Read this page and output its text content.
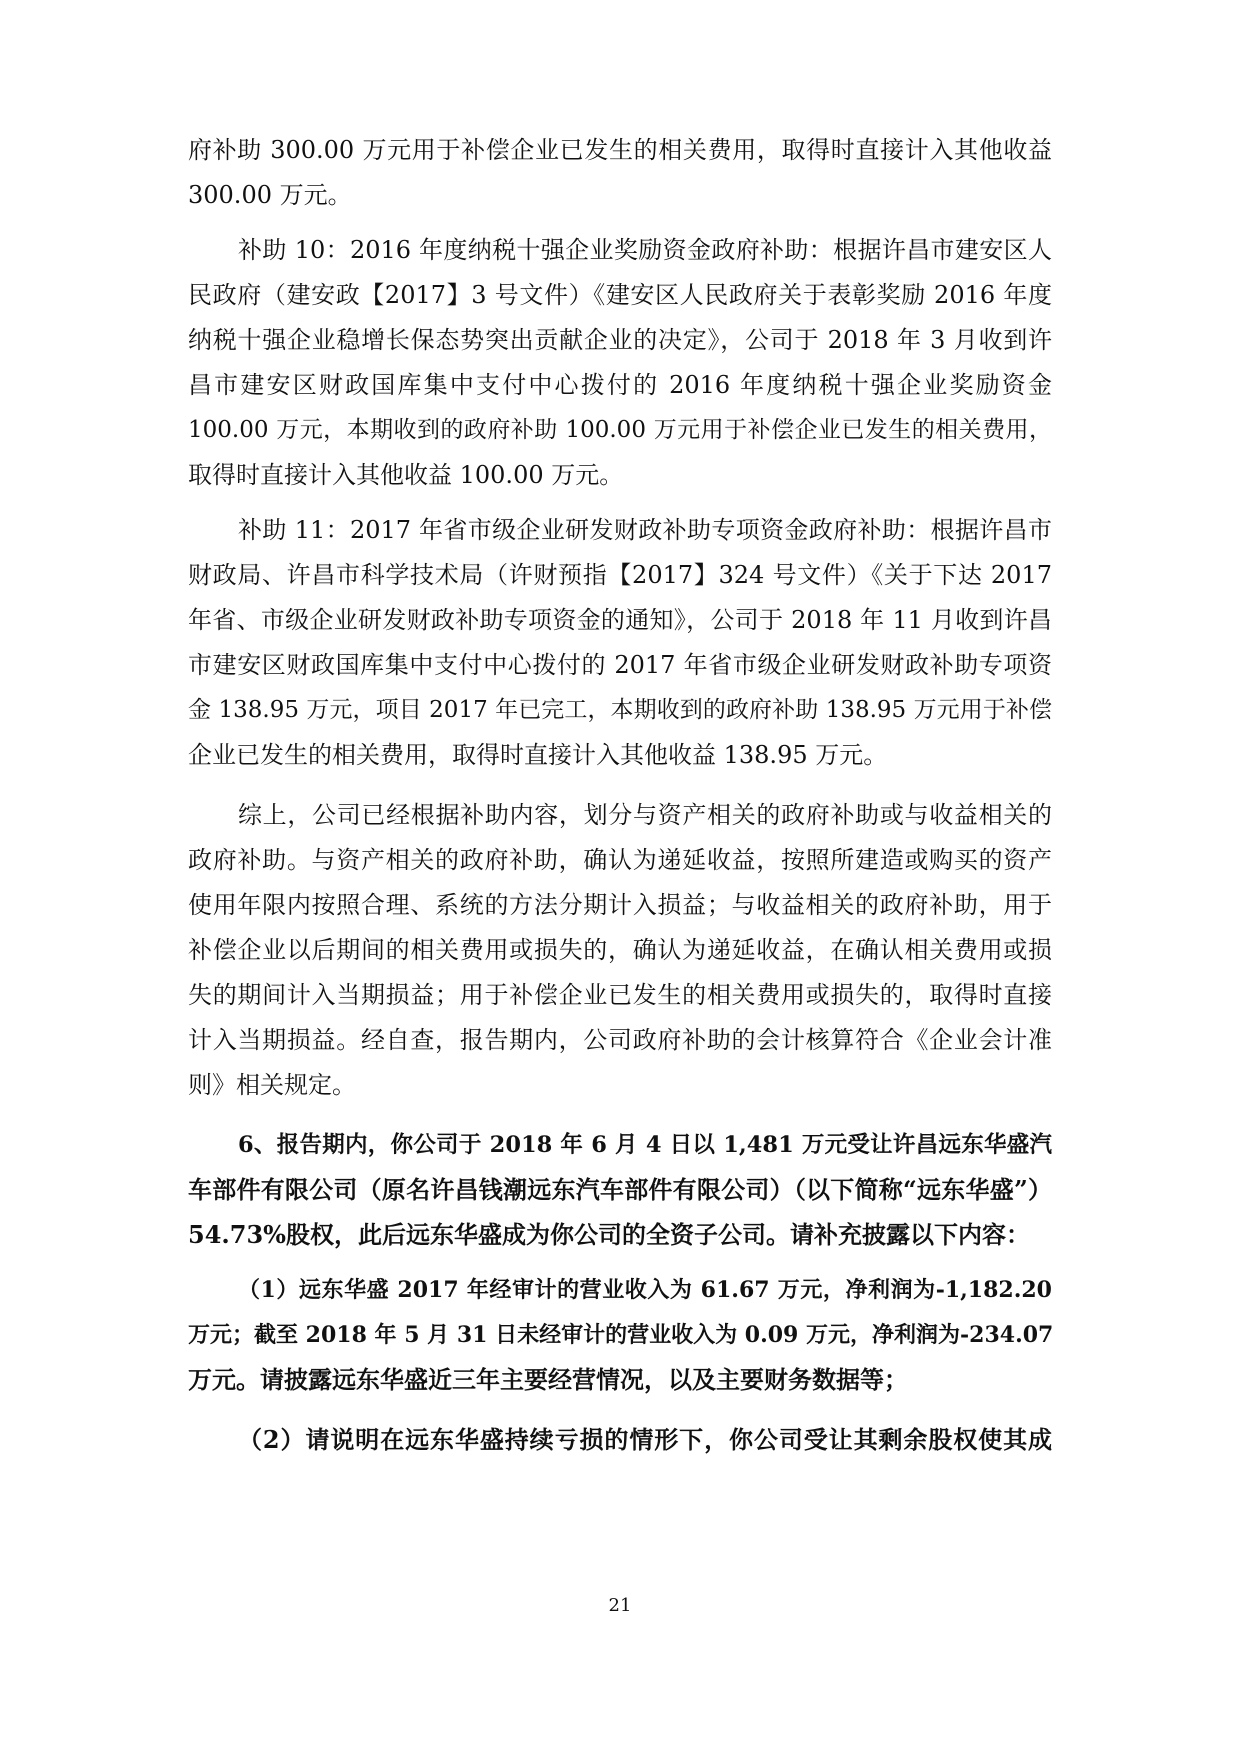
府补助 300.00 万元用于补偿企业已发生的相关费用，取得时直接计入其他收益
300.00 万元。
补助 10：2016 年度纳税十强企业奖励资金政府补助：根据许昌市建安区人
民政府（建安政【2017】3 号文件）《建安区人民政府关于表彰奖励 2016 年度
纳税十强企业稳增长保态势突出贡献企业的决定》，公司于 2018 年 3 月收到许
昌市建安区财政国库集中支付中心拨付的 2016 年度纳税十强企业奖励资金
100.00 万元，本期收到的政府补助 100.00 万元用于补偿企业已发生的相关费用，
取得时直接计入其他收益 100.00 万元。
补助 11：2017 年省市级企业研发财政补助专项资金政府补助：根据许昌市
财政局、许昌市科学技术局（许财预指【2017】324 号文件）《关于下达 2017
年省、市级企业研发财政补助专项资金的通知》，公司于 2018 年 11 月收到许昌
市建安区财政国库集中支付中心拨付的 2017 年省市级企业研发财政补助专项资
金 138.95 万元，项目 2017 年已完工，本期收到的政府补助 138.95 万元用于补偿
企业已发生的相关费用，取得时直接计入其他收益 138.95 万元。
综上，公司已经根据补助内容，划分与资产相关的政府补助或与收益相关的
政府补助。与资产相关的政府补助，确认为递延收益，按照所建造或购买的资产
使用年限内按照合理、系统的方法分期计入损益；与收益相关的政府补助，用于
补偿企业以后期间的相关费用或损失的，确认为递延收益，在确认相关费用或损
失的期间计入当期损益；用于补偿企业已发生的相关费用或损失的，取得时直接
计入当期损益。经自查，报告期内，公司政府补助的会计核算符合《企业会计准
则》相关规定。
6、报告期内，你公司于 2018 年 6 月 4 日以 1,481 万元受让许昌远东华盛汽
车部件有限公司（原名许昌钱潮远东汽车部件有限公司）（以下简称“远东华盛”）
54.73%股权，此后远东华盛成为你公司的全资子公司。请补充披露以下内容：
（1）远东华盛 2017 年经审计的营业收入为 61.67 万元，净利润为-1,182.20
万元；截至 2018 年 5 月 31 日未经审计的营业收入为 0.09 万元，净利润为-234.07
万元。请披露远东华盛近三年主要经营情况，以及主要财务数据等；
（2）请说明在远东华盛持续亏损的情形下，你公司受让其剩余股权使其成
21
